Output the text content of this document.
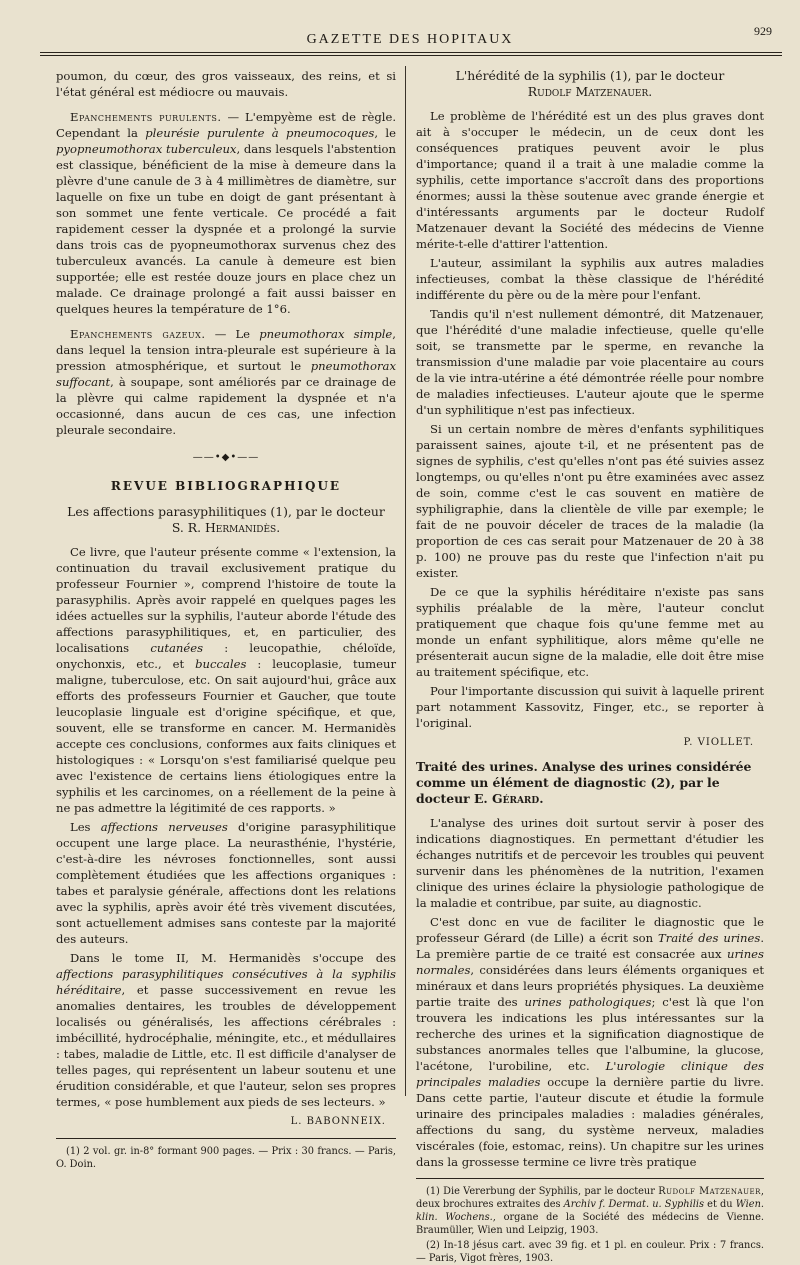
GAZETTE DES HOPITAUX
929

poumon, du cœur, des gros vaisseaux, des reins, et si l'état général est médiocre ou mauvais.

Epanchements purulents. — L'empyème est de règle. Cependant la pleurésie purulente à pneumocoques, le pyopneumothorax tuberculeux, dans lesquels l'abstention est classique, bénéficient de la mise à demeure dans la plèvre d'une canule de 3 à 4 millimètres de diamètre, sur laquelle on fixe un tube en doigt de gant présentant à son sommet une fente verticale. Ce procédé a fait rapidement cesser la dyspnée et a prolongé la survie dans trois cas de pyopneumothorax survenus chez des tuberculeux avancés. La canule à demeure est bien supportée; elle est restée douze jours en place chez un malade. Ce drainage prolongé a fait aussi baisser en quelques heures la température de 1°6.

Epanchements gazeux. — Le pneumothorax simple, dans lequel la tension intra-pleurale est supérieure à la pression atmosphérique, et surtout le pneumothorax suffocant, à soupape, sont améliorés par ce drainage de la plèvre qui calme rapidement la dyspnée et n'a occasionné, dans aucun de ces cas, une infection pleurale secondaire.

——•◆•——
REVUE BIBLIOGRAPHIQUE
Les affections parasyphilitiques (1), par le docteur
S. R. Hermanidès.

Ce livre, que l'auteur présente comme « l'extension, la continuation du travail exclusivement pratique du professeur Fournier », comprend l'histoire de toute la parasyphilis. Après avoir rappelé en quelques pages les idées actuelles sur la syphilis, l'auteur aborde l'étude des affections parasyphilitiques, et, en particulier, des localisations cutanées : leucopathie, chéloïde, onychonxis, etc., et buccales : leucoplasie, tumeur maligne, tuberculose, etc. On sait aujourd'hui, grâce aux efforts des professeurs Fournier et Gaucher, que toute leucoplasie linguale est d'origine spécifique, et que, souvent, elle se transforme en cancer. M. Hermanidès accepte ces conclusions, conformes aux faits cliniques et histologiques : « Lorsqu'on s'est familiarisé quelque peu avec l'existence de certains liens étiologiques entre la syphilis et les carcinomes, on a réellement de la peine à ne pas admettre la légitimité de ces rapports. »

Les affections nerveuses d'origine parasyphilitique occupent une large place. La neurasthénie, l'hystérie, c'est-à-dire les névroses fonctionnelles, sont aussi complètement étudiées que les affections organiques : tabes et paralysie générale, affections dont les relations avec la syphilis, après avoir été très vivement discutées, sont actuellement admises sans conteste par la majorité des auteurs.

Dans le tome II, M. Hermanidès s'occupe des affections parasyphilitiques consécutives à la syphilis héréditaire, et passe successivement en revue les anomalies dentaires, les troubles de développement localisés ou généralisés, les affections cérébrales : imbécillité, hydrocéphalie, méningite, etc., et médullaires : tabes, maladie de Little, etc. Il est difficile d'analyser de telles pages, qui représentent un labeur soutenu et une érudition considérable, et que l'auteur, selon ses propres termes, « pose humblement aux pieds de ses lecteurs. »

L. BABONNEIX.

(1) 2 vol. gr. in-8° formant 900 pages. — Prix : 30 francs. — Paris, O. Doin.

L'hérédité de la syphilis (1), par le docteur
Rudolf Matzenauer.

Le problème de l'hérédité est un des plus graves dont ait à s'occuper le médecin, un de ceux dont les conséquences pratiques peuvent avoir le plus d'importance; quand il a trait à une maladie comme la syphilis, cette importance s'accroît dans des proportions énormes; aussi la thèse soutenue avec grande énergie et d'intéressants arguments par le docteur Rudolf Matzenauer devant la Société des médecins de Vienne mérite-t-elle d'attirer l'attention.

L'auteur, assimilant la syphilis aux autres maladies infectieuses, combat la thèse classique de l'hérédité indifférente du père ou de la mère pour l'enfant.

Tandis qu'il n'est nullement démontré, dit Matzenauer, que l'hérédité d'une maladie infectieuse, quelle qu'elle soit, se transmette par le sperme, en revanche la transmission d'une maladie par voie placentaire au cours de la vie intra-utérine a été démontrée réelle pour nombre de maladies infectieuses. L'auteur ajoute que le sperme d'un syphilitique n'est pas infectieux.

Si un certain nombre de mères d'enfants syphilitiques paraissent saines, ajoute t-il, et ne présentent pas de signes de syphilis, c'est qu'elles n'ont pas été suivies assez longtemps, ou qu'elles n'ont pu être examinées avec assez de soin, comme c'est le cas souvent en matière de syphiligraphie, dans la clientèle de ville par exemple; le fait de ne pouvoir déceler de traces de la maladie (la proportion de ces cas serait pour Matzenauer de 20 à 38 p. 100) ne prouve pas du reste que l'infection n'ait pu exister.

De ce que la syphilis héréditaire n'existe pas sans syphilis préalable de la mère, l'auteur conclut pratiquement que chaque fois qu'une femme met au monde un enfant syphilitique, alors même qu'elle ne présenterait aucun signe de la maladie, elle doit être mise au traitement spécifique, etc.

Pour l'importante discussion qui suivit à laquelle prirent part notamment Kassovitz, Finger, etc., se reporter à l'original.

P. VIOLLET.
Traité des urines. Analyse des urines considérée comme un élément de diagnostic (2), par le docteur E. Gérard.

L'analyse des urines doit surtout servir à poser des indications diagnostiques. En permettant d'étudier les échanges nutritifs et de percevoir les troubles qui peuvent survenir dans les phénomènes de la nutrition, l'examen clinique des urines éclaire la physiologie pathologique de la maladie et contribue, par suite, au diagnostic.

C'est donc en vue de faciliter le diagnostic que le professeur Gérard (de Lille) a écrit son Traité des urines. La première partie de ce traité est consacrée aux urines normales, considérées dans leurs éléments organiques et minéraux et dans leurs propriétés physiques. La deuxième partie traite des urines pathologiques; c'est là que l'on trouvera les indications les plus intéressantes sur la recherche des urines et la signification diagnostique de substances anormales telles que l'albumine, la glucose, l'acétone, l'urobiline, etc. L'urologie clinique des principales maladies occupe la dernière partie du livre. Dans cette partie, l'auteur discute et étudie la formule urinaire des principales maladies : maladies générales, affections du sang, du système nerveux, maladies viscérales (foie, estomac, reins). Un chapitre sur les urines dans la grossesse termine ce livre très pratique

(1) Die Vererbung der Syphilis, par le docteur Rudolf Matzenauer, deux brochures extraites des Archiv f. Dermat. u. Syphilis et du Wien. klin. Wochens., organe de la Société des médecins de Vienne. Braumüller, Wien und Leipzig, 1903.

(2) In-18 jésus cart. avec 39 fig. et 1 pl. en couleur. Prix : 7 francs. — Paris, Vigot frères, 1903.
